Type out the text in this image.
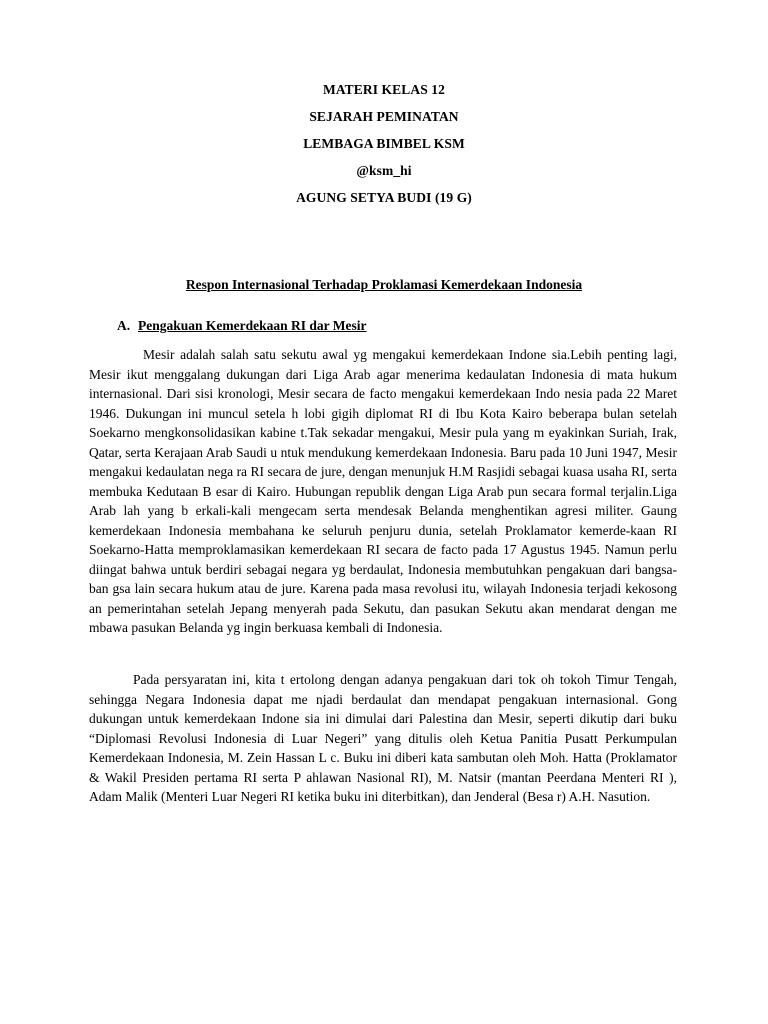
MATERI KELAS 12
SEJARAH PEMINATAN
LEMBAGA BIMBEL KSM
@ksm_hi
AGUNG SETYA BUDI (19 G)
Respon Internasional Terhadap Proklamasi Kemerdekaan Indonesia
A. Pengakuan Kemerdekaan RI dar Mesir

Mesir adalah salah satu sekutu awal yg mengakui kemerdekaan Indone sia.Lebih penting lagi, Mesir ikut menggalang dukungan dari Liga Arab agar menerima kedaulatan Indonesia di mata hukum internasional. Dari sisi kronologi, Mesir secara de facto mengakui kemerdekaan Indo nesia pada 22 Maret 1946. Dukungan ini muncul setela h lobi gigih diplomat RI di Ibu Kota Kairo beberapa bulan setelah Soekarno mengkonsolidasikan kabine t.Tak sekadar mengakui, Mesir pula yang m eyakinkan Suriah, Irak, Qatar, serta Kerajaan Arab Saudi u ntuk mendukung kemerdekaan Indonesia. Baru pada 10 Juni 1947, Mesir mengakui kedaulatan nega ra RI secara de jure, dengan menunjuk H.M Rasjidi sebagai kuasa usaha RI, serta membuka Kedutaan B esar di Kairo. Hubungan republik dengan Liga Arab pun secara formal terjalin.Liga Arab lah yang b erkali-kali mengecam serta mendesak Belanda menghentikan agresi militer. Gaung kemerdekaan Indonesia membahana ke seluruh penjuru dunia, setelah Proklamator kemerde-kaan RI Soekarno-Hatta memproklamasikan kemerdekaan RI secara de facto pada 17 Agustus 1945. Namun perlu diingat bahwa untuk berdiri sebagai negara yg berdaulat, Indonesia membutuhkan pengakuan dari bangsa-ban gsa lain secara hukum atau de jure. Karena pada masa revolusi itu, wilayah Indonesia terjadi kekosong an pemerintahan setelah Jepang menyerah pada Sekutu, dan pasukan Sekutu akan mendarat dengan me mbawa pasukan Belanda yg ingin berkuasa kembali di Indonesia.

Pada persyaratan ini, kita t ertolong dengan adanya pengakuan dari tok oh tokoh Timur Tengah, sehingga Negara Indonesia dapat me njadi berdaulat dan mendapat pengakuan internasional. Gong dukungan untuk kemerdekaan Indone sia ini dimulai dari Palestina dan Mesir, seperti dikutip dari buku “Diplomasi Revolusi Indonesia di Luar Negeri” yang ditulis oleh Ketua Panitia Pusatt Perkumpulan Kemerdekaan Indonesia, M. Zein Hassan L c. Buku ini diberi kata sambutan oleh Moh. Hatta (Proklamator & Wakil Presiden pertama RI serta P ahlawan Nasional RI), M. Natsir (mantan Peerdana Menteri RI ), Adam Malik (Menteri Luar Negeri RI ketika buku ini diterbitkan), dan Jenderal (Besa r) A.H. Nasution.
